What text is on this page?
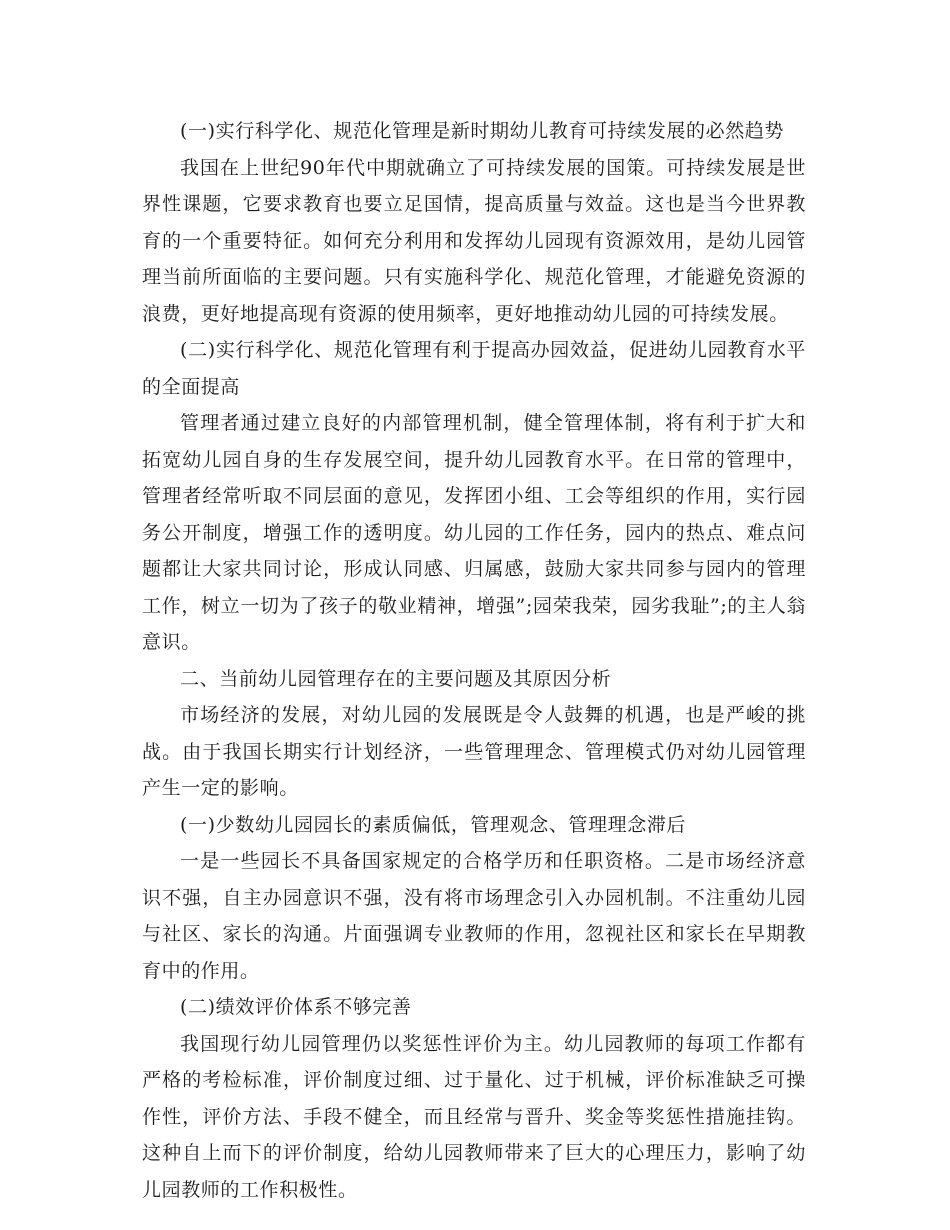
(一)实行科学化、规范化管理是新时期幼儿教育可持续发展的必然趋势

我国在上世纪90年代中期就确立了可持续发展的国策。可持续发展是世界性课题，它要求教育也要立足国情，提高质量与效益。这也是当今世界教育的一个重要特征。如何充分利用和发挥幼儿园现有资源效用，是幼儿园管理当前所面临的主要问题。只有实施科学化、规范化管理，才能避免资源的浪费，更好地提高现有资源的使用频率，更好地推动幼儿园的可持续发展。

(二)实行科学化、规范化管理有利于提高办园效益，促进幼儿园教育水平的全面提高

管理者通过建立良好的内部管理机制，健全管理体制，将有利于扩大和拓宽幼儿园自身的生存发展空间，提升幼儿园教育水平。在日常的管理中，管理者经常听取不同层面的意见，发挥团小组、工会等组织的作用，实行园务公开制度，增强工作的透明度。幼儿园的工作任务，园内的热点、难点问题都让大家共同讨论，形成认同感、归属感，鼓励大家共同参与园内的管理工作，树立一切为了孩子的敬业精神，增强”;园荣我荣，园劣我耻”;的主人翁意识。

二、当前幼儿园管理存在的主要问题及其原因分析

市场经济的发展，对幼儿园的发展既是令人鼓舞的机遇，也是严峻的挑战。由于我国长期实行计划经济，一些管理理念、管理模式仍对幼儿园管理产生一定的影响。

(一)少数幼儿园园长的素质偏低，管理观念、管理理念滞后

一是一些园长不具备国家规定的合格学历和任职资格。二是市场经济意识不强，自主办园意识不强，没有将市场理念引入办园机制。不注重幼儿园与社区、家长的沟通。片面强调专业教师的作用，忽视社区和家长在早期教育中的作用。

(二)绩效评价体系不够完善

我国现行幼儿园管理仍以奖惩性评价为主。幼儿园教师的每项工作都有严格的考检标准，评价制度过细、过于量化、过于机械，评价标准缺乏可操作性，评价方法、手段不健全，而且经常与晋升、奖金等奖惩性措施挂钩。这种自上而下的评价制度，给幼儿园教师带来了巨大的心理压力，影响了幼儿园教师的工作积极性。
